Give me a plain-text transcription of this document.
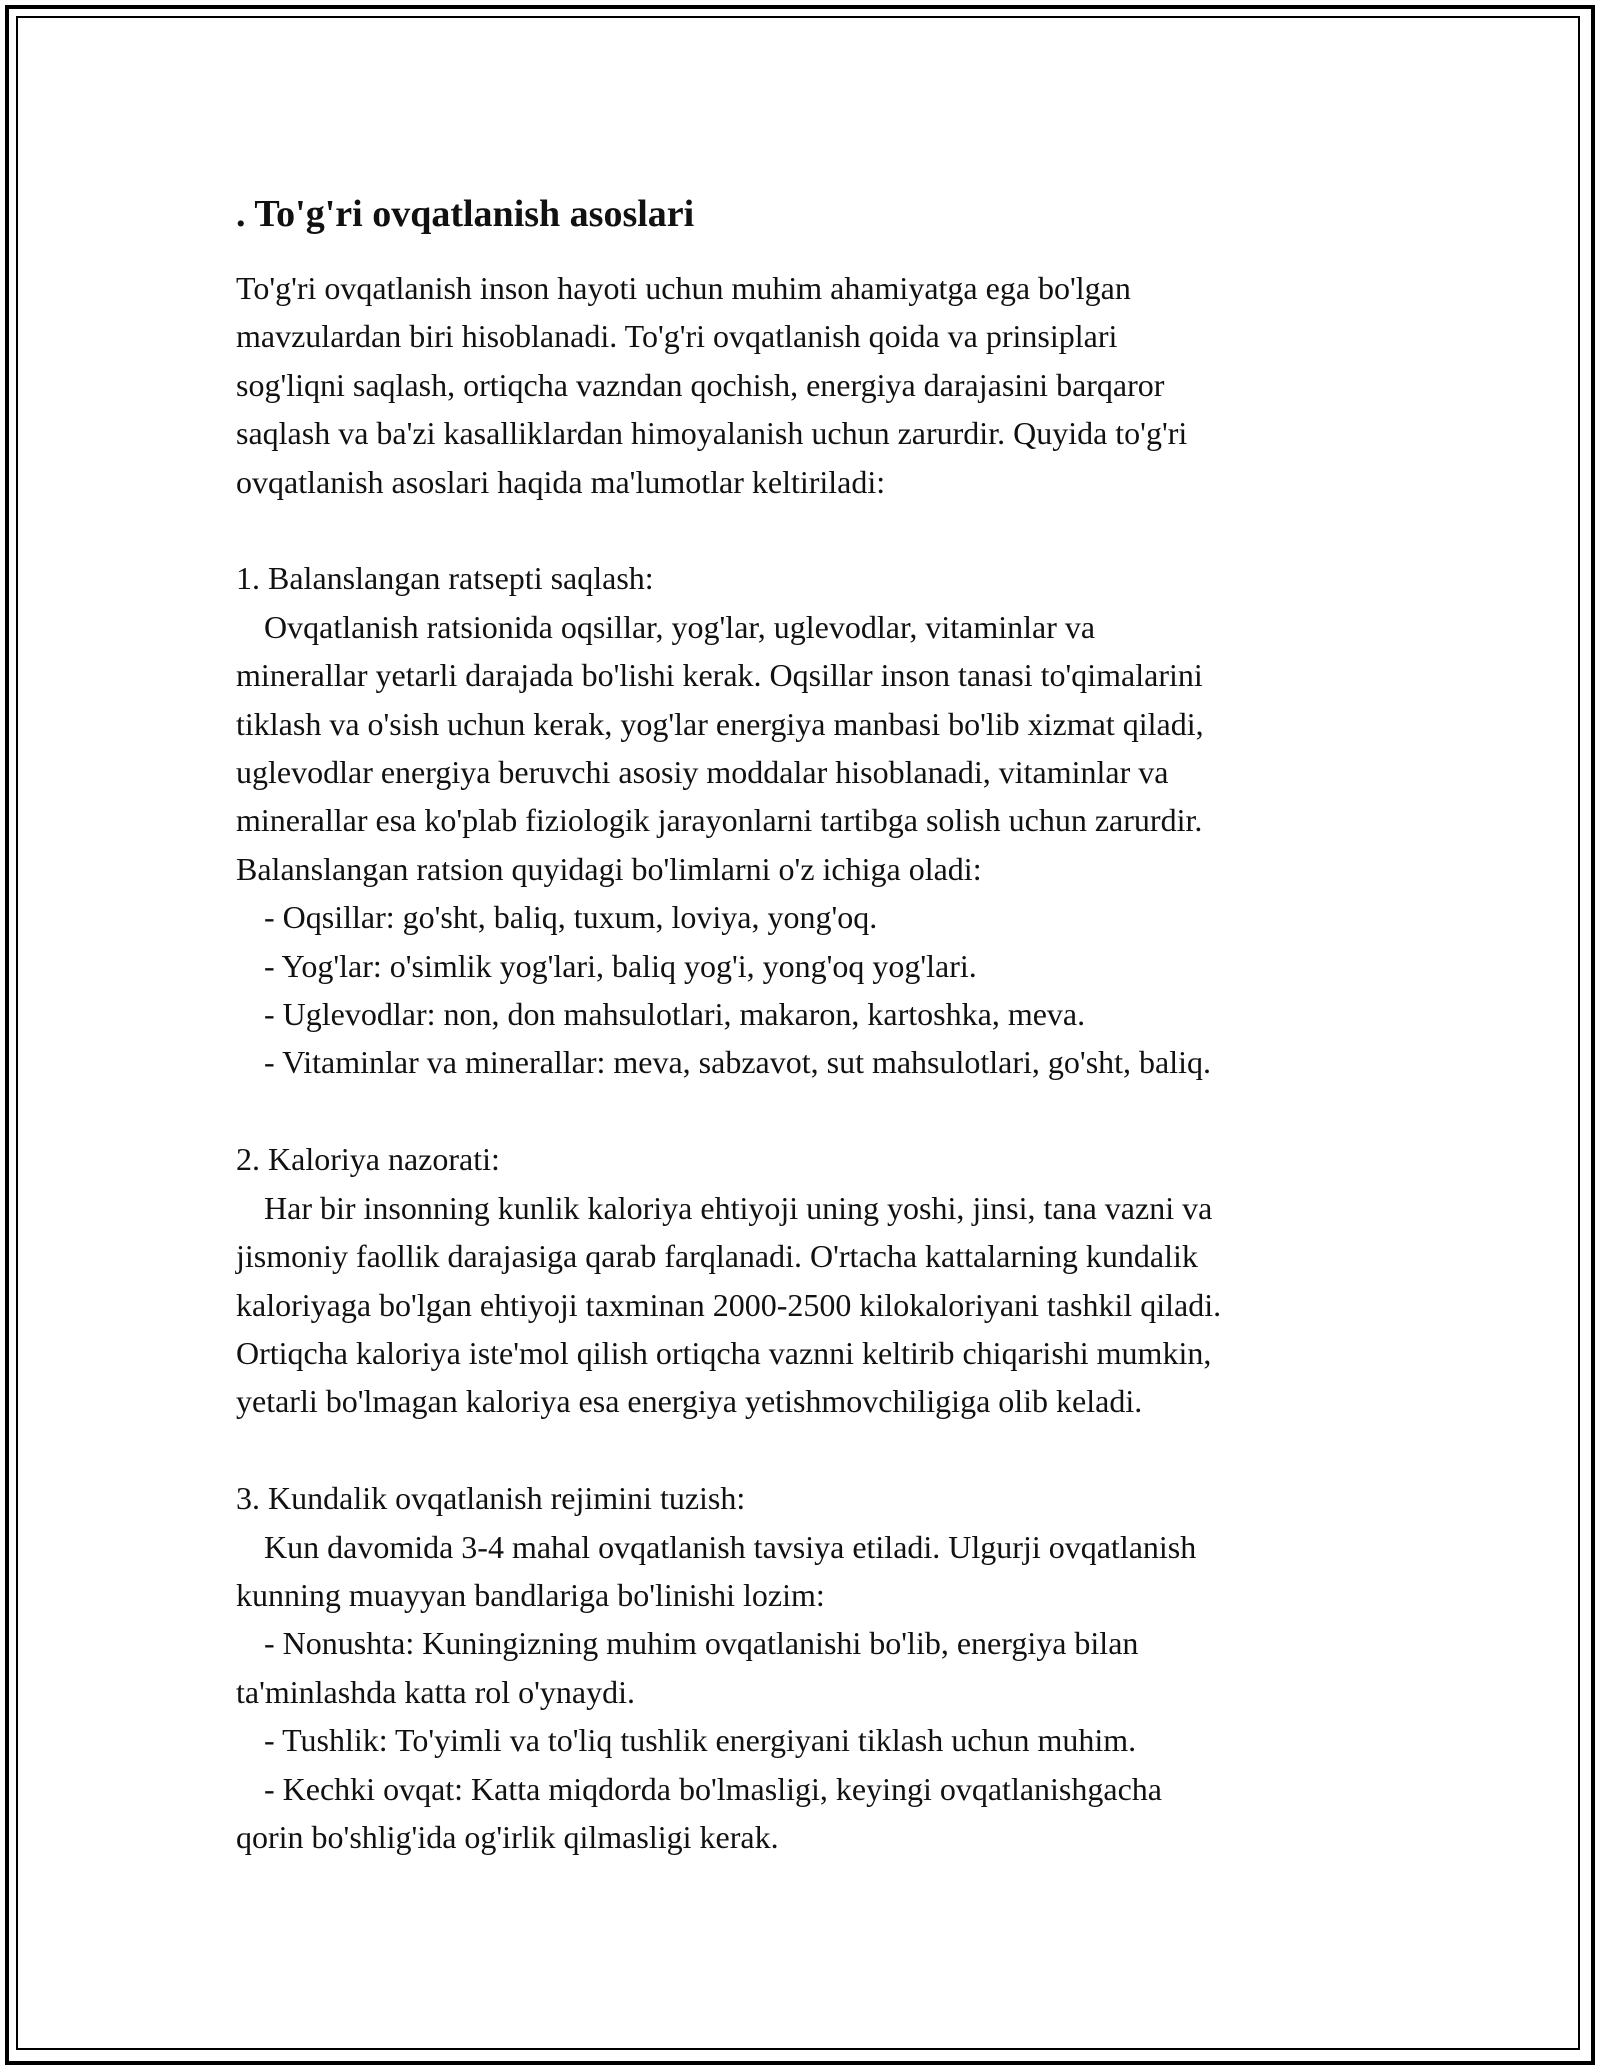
. To'g'ri ovqatlanish asoslari
To'g'ri ovqatlanish inson hayoti uchun muhim ahamiyatga ega bo'lgan
mavzulardan biri hisoblanadi. To'g'ri ovqatlanish qoida va prinsiplari
sog'liqni saqlash, ortiqcha vazndan qochish, energiya darajasini barqaror
saqlash va ba'zi kasalliklardan himoyalanish uchun zarurdir. Quyida to'g'ri
ovqatlanish asoslari haqida ma'lumotlar keltiriladi:
1. Balanslangan ratsepti saqlash:
Ovqatlanish ratsionida oqsillar, yog'lar, uglevodlar, vitaminlar va
minerallar yetarli darajada bo'lishi kerak. Oqsillar inson tanasi to'qimalarini
tiklash va o'sish uchun kerak, yog'lar energiya manbasi bo'lib xizmat qiladi,
uglevodlar energiya beruvchi asosiy moddalar hisoblanadi, vitaminlar va
minerallar esa ko'plab fiziologik jarayonlarni tartibga solish uchun zarurdir.
Balanslangan ratsion quyidagi bo'limlarni o'z ichiga oladi:
- Oqsillar: go'sht, baliq, tuxum, loviya, yong'oq.
- Yog'lar: o'simlik yog'lari, baliq yog'i, yong'oq yog'lari.
- Uglevodlar: non, don mahsulotlari, makaron, kartoshka, meva.
- Vitaminlar va minerallar: meva, sabzavot, sut mahsulotlari, go'sht, baliq.
2. Kaloriya nazorati:
Har bir insonning kunlik kaloriya ehtiyoji uning yoshi, jinsi, tana vazni va
jismoniy faollik darajasiga qarab farqlanadi. O'rtacha kattalarning kundalik
kaloriyaga bo'lgan ehtiyoji taxminan 2000-2500 kilokaloriyani tashkil qiladi.
Ortiqcha kaloriya iste'mol qilish ortiqcha vaznni keltirib chiqarishi mumkin,
yetarli bo'lmagan kaloriya esa energiya yetishmovchiligiga olib keladi.
3. Kundalik ovqatlanish rejimini tuzish:
Kun davomida 3-4 mahal ovqatlanish tavsiya etiladi. Ulgurji ovqatlanish
kunning muayyan bandlariga bo'linishi lozim:
- Nonushta: Kuningizning muhim ovqatlanishi bo'lib, energiya bilan
ta'minlashda katta rol o'ynaydi.
- Tushlik: To'yimli va to'liq tushlik energiyani tiklash uchun muhim.
- Kechki ovqat: Katta miqdorda bo'lmasligi, keyingi ovqatlanishgacha
qorin bo'shlig'ida og'irlik qilmasligi kerak.
